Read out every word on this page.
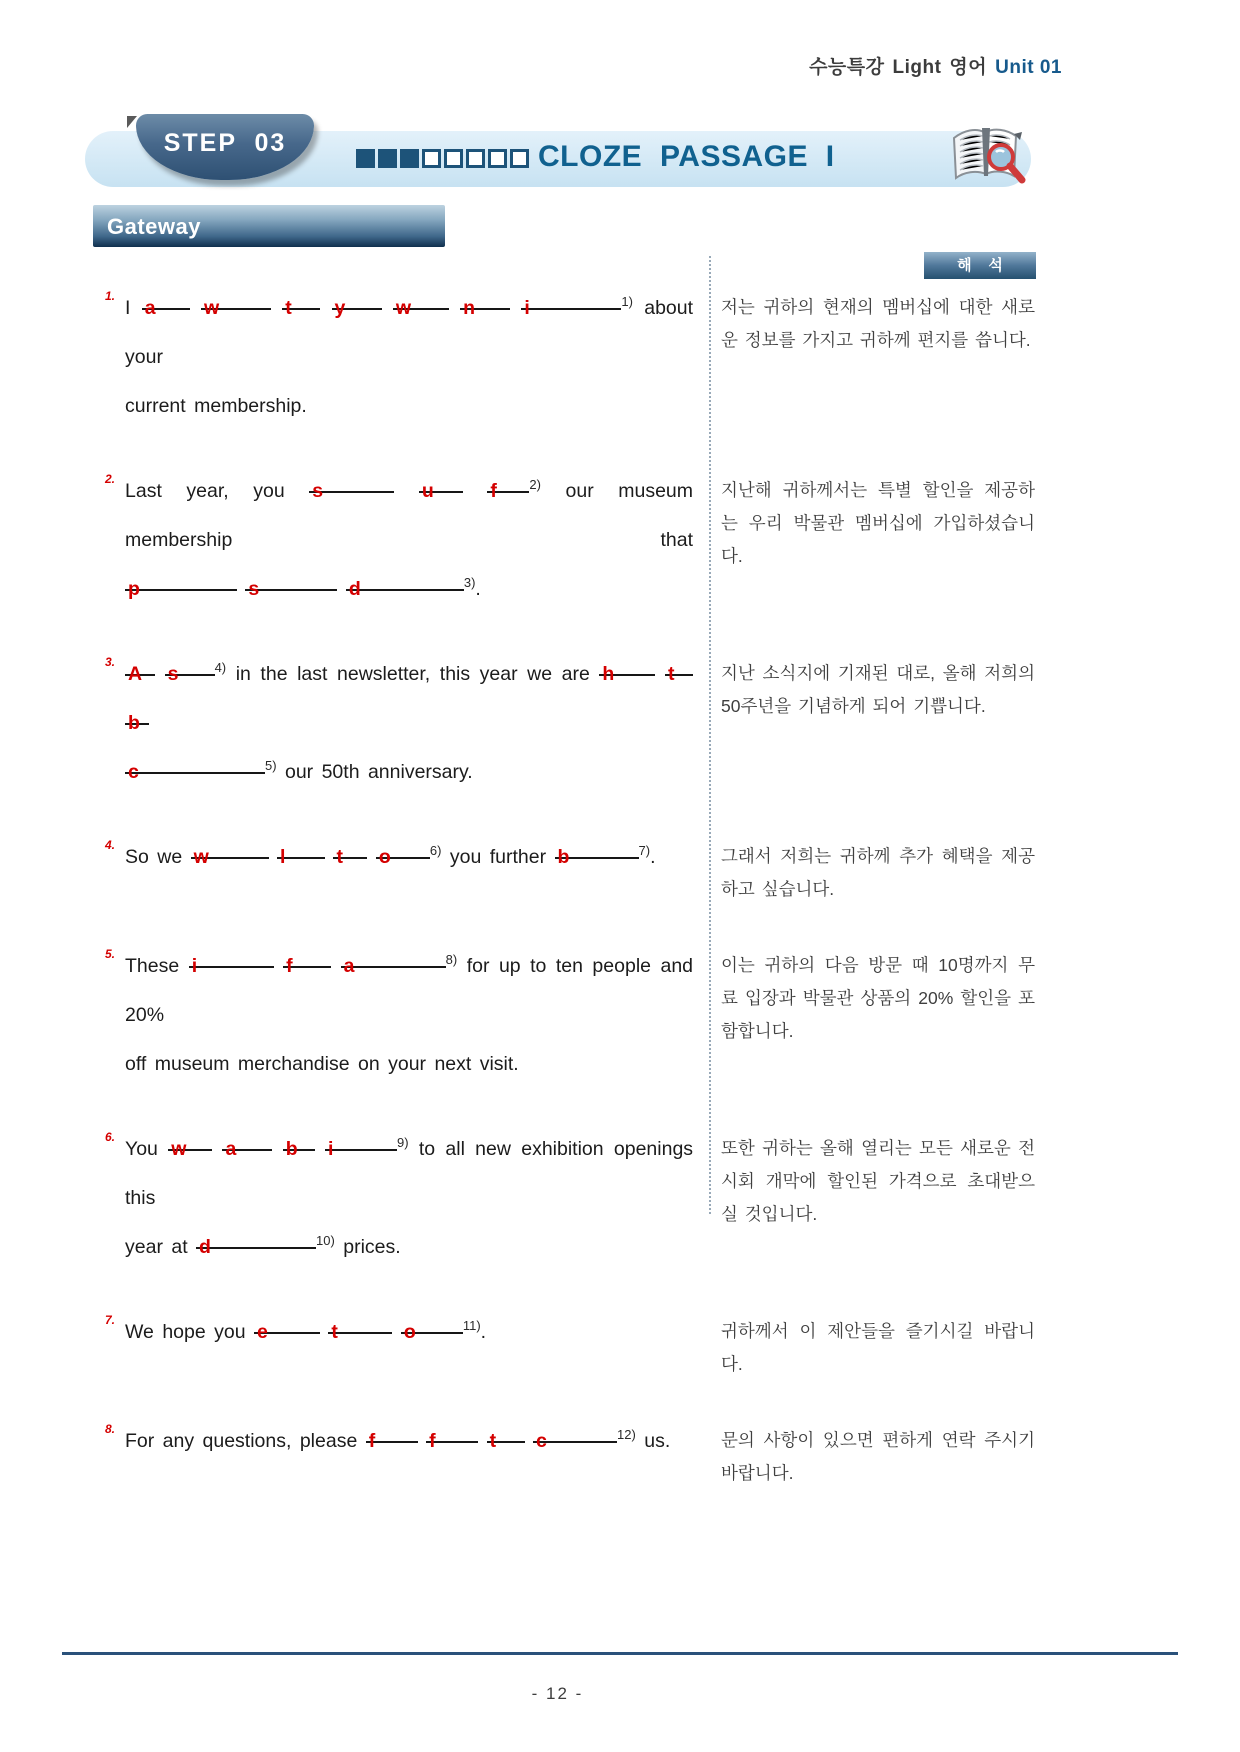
수능특강 Light 영어 Unit 01
STEP  03	CLOZE PASSAGE I
Gateway
해    석
1.
I a w	t y	w	n	i	$^{1)}$ about your
current membership.
저는 귀하의 현재의 멤버십에 대한 새로운 정보를 가지고 귀하께 편지를 씁니다.
2.
Last year, you s	u	f	$^{2)}$ our museum membership that
p	s	d	$^{3)}$.
지난해 귀하께서는 특별 할인을 제공하는 우리 박물관 멤버십에 가입하셨습니다.
3.
A s	$^{4)}$ in the last newsletter, this year we are h	t b
c	$^{5)}$ our 50th anniversary.
지난 소식지에 기재된 대로, 올해 저희의 50주년을 기념하게 되어 기쁩니다.
4.
So we w	l	t o	$^{6)}$ you further b	$^{7)}$.	그래서 저희는 귀하께 추가 혜택을 제공하고 싶습니다.
5.
These i	f	a	$^{8)}$ for up to ten people and 20%
off museum merchandise on your next visit.
이는 귀하의 다음 방문 때 10명까지 무료 입장과 박물관 상품의 20% 할인을 포함합니다.
6.
You w a	b i	$^{9)}$ to all new exhibition openings this
year at d	$^{10)}$ prices.
또한 귀하는 올해 열리는 모든 새로운 전시회 개막에 할인된 가격으로 초대받으실 것입니다.
7.
We hope you e	t	o	$^{11)}$.	귀하께서 이 제안들을 즐기시길 바랍니다.
8.
For any questions, please f	f	t c	$^{12)}$ us.	문의 사항이 있으면 편하게 연락 주시기 바랍니다.
- 12 -
